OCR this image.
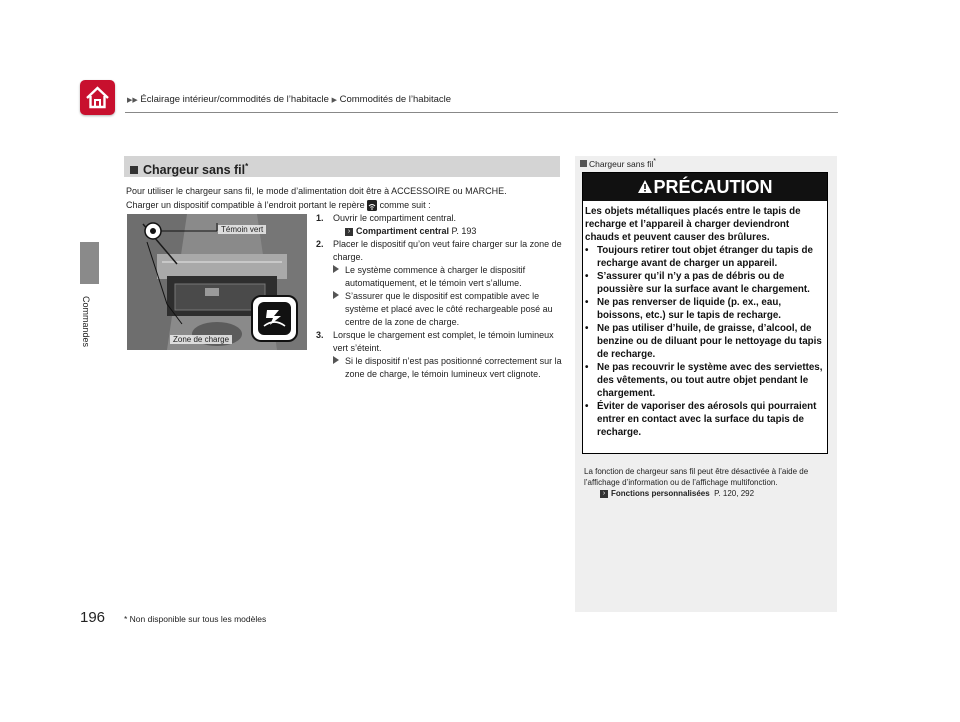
▶▶ Éclairage intérieur/commodités de l’habitacle ▶ Commodités de l’habitacle
Commandes
196 * Non disponible sur tous les modèles
Chargeur sans fil*
Pour utiliser le chargeur sans fil, le mode d’alimentation doit être à ACCESSOIRE ou MARCHE.
Charger un dispositif compatible à l’endroit portant le repère comme suit :
Témoin vert
Zone de charge
1. Ouvrir le compartiment central.
› Compartiment central P. 193
2. Placer le dispositif qu’on veut faire charger sur la zone de charge.
Le système commence à charger le dispositif automatiquement, et le témoin vert s’allume.
S’assurer que le dispositif est compatible avec le système et placé avec le côté rechargeable posé au centre de la zone de charge.
3. Lorsque le chargement est complet, le témoin lumineux vert s’éteint.
Si le dispositif n’est pas positionné correctement sur la zone de charge, le témoin lumineux vert clignote.
Chargeur sans fil*
PRÉCAUTION
Les objets métalliques placés entre le tapis de recharge et l’appareil à charger deviendront chauds et peuvent causer des brûlures.
• Toujours retirer tout objet étranger du tapis de recharge avant de charger un appareil.
• S’assurer qu’il n’y a pas de débris ou de poussière sur la surface avant le chargement.
• Ne pas renverser de liquide (p. ex., eau, boissons, etc.) sur le tapis de recharge.
• Ne pas utiliser d’huile, de graisse, d’alcool, de benzine ou de diluant pour le nettoyage du tapis de recharge.
• Ne pas recouvrir le système avec des serviettes, des vêtements, ou tout autre objet pendant le chargement.
• Éviter de vaporiser des aérosols qui pourraient entrer en contact avec la surface du tapis de recharge.
La fonction de chargeur sans fil peut être désactivée à l’aide de l’affichage d’information ou de l’affichage multifonction.
› Fonctions personnalisées P. 120, 292
